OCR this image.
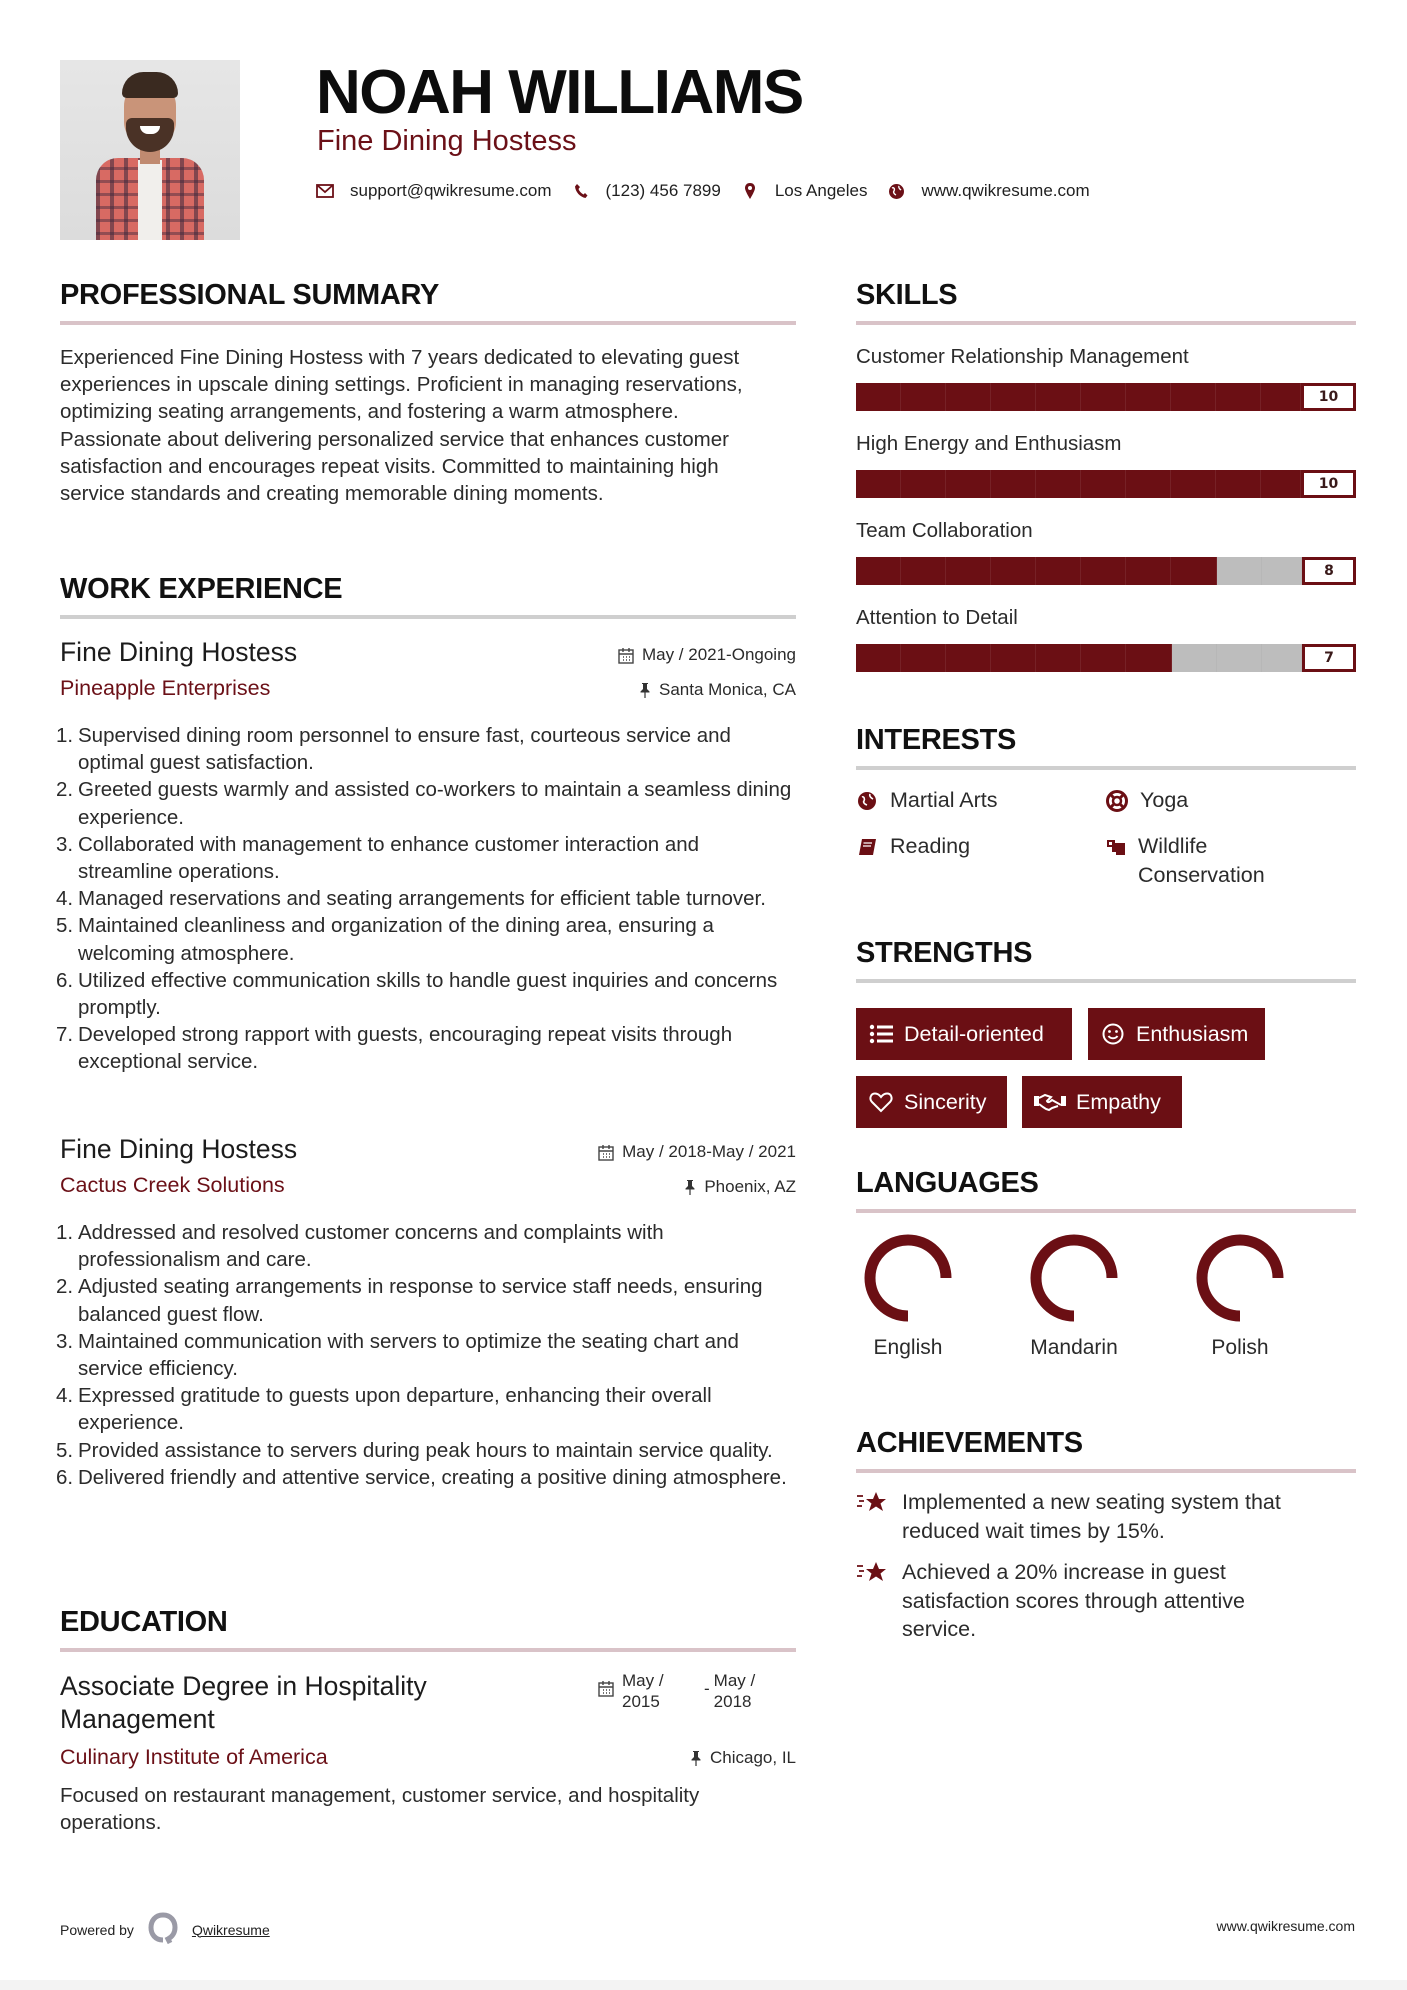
NOAH WILLIAMS
Fine Dining Hostess
support@qwikresume.com	(123) 456 7899	Los Angeles	www.qwikresume.com
PROFESSIONAL SUMMARY
Experienced Fine Dining Hostess with 7 years dedicated to elevating guest experiences in upscale dining settings. Proficient in managing reservations, optimizing seating arrangements, and fostering a warm atmosphere. Passionate about delivering personalized service that enhances customer satisfaction and encourages repeat visits. Committed to maintaining high service standards and creating memorable dining moments.
WORK EXPERIENCE
Fine Dining Hostess	May / 2021-Ongoing
Pineapple Enterprises	Santa Monica, CA
1. Supervised dining room personnel to ensure fast, courteous service and optimal guest satisfaction.
2. Greeted guests warmly and assisted co-workers to maintain a seamless dining experience.
3. Collaborated with management to enhance customer interaction and streamline operations.
4. Managed reservations and seating arrangements for efficient table turnover.
5. Maintained cleanliness and organization of the dining area, ensuring a welcoming atmosphere.
6. Utilized effective communication skills to handle guest inquiries and concerns promptly.
7. Developed strong rapport with guests, encouraging repeat visits through exceptional service.
Fine Dining Hostess	May / 2018-May / 2021
Cactus Creek Solutions	Phoenix, AZ
1. Addressed and resolved customer concerns and complaints with professionalism and care.
2. Adjusted seating arrangements in response to service staff needs, ensuring balanced guest flow.
3. Maintained communication with servers to optimize the seating chart and service efficiency.
4. Expressed gratitude to guests upon departure, enhancing their overall experience.
5. Provided assistance to servers during peak hours to maintain service quality.
6. Delivered friendly and attentive service, creating a positive dining atmosphere.
EDUCATION
Associate Degree in Hospitality Management
May / 2015
- May / 2018
Culinary Institute of America	Chicago, IL
Focused on restaurant management, customer service, and hospitality operations.
SKILLS
Customer Relationship Management
10
High Energy and Enthusiasm
10
Team Collaboration
8
Attention to Detail
7
INTERESTS
Martial Arts	Yoga
Reading	Wildlife Conservation
STRENGTHS
Detail-oriented	Enthusiasm
Sincerity	Empathy
LANGUAGES
English	Mandarin	Polish
ACHIEVEMENTS
Implemented a new seating system that reduced wait times by 15%.
Achieved a 20% increase in guest satisfaction scores through attentive service.
Powered by	Qwikresume	www.qwikresume.com
